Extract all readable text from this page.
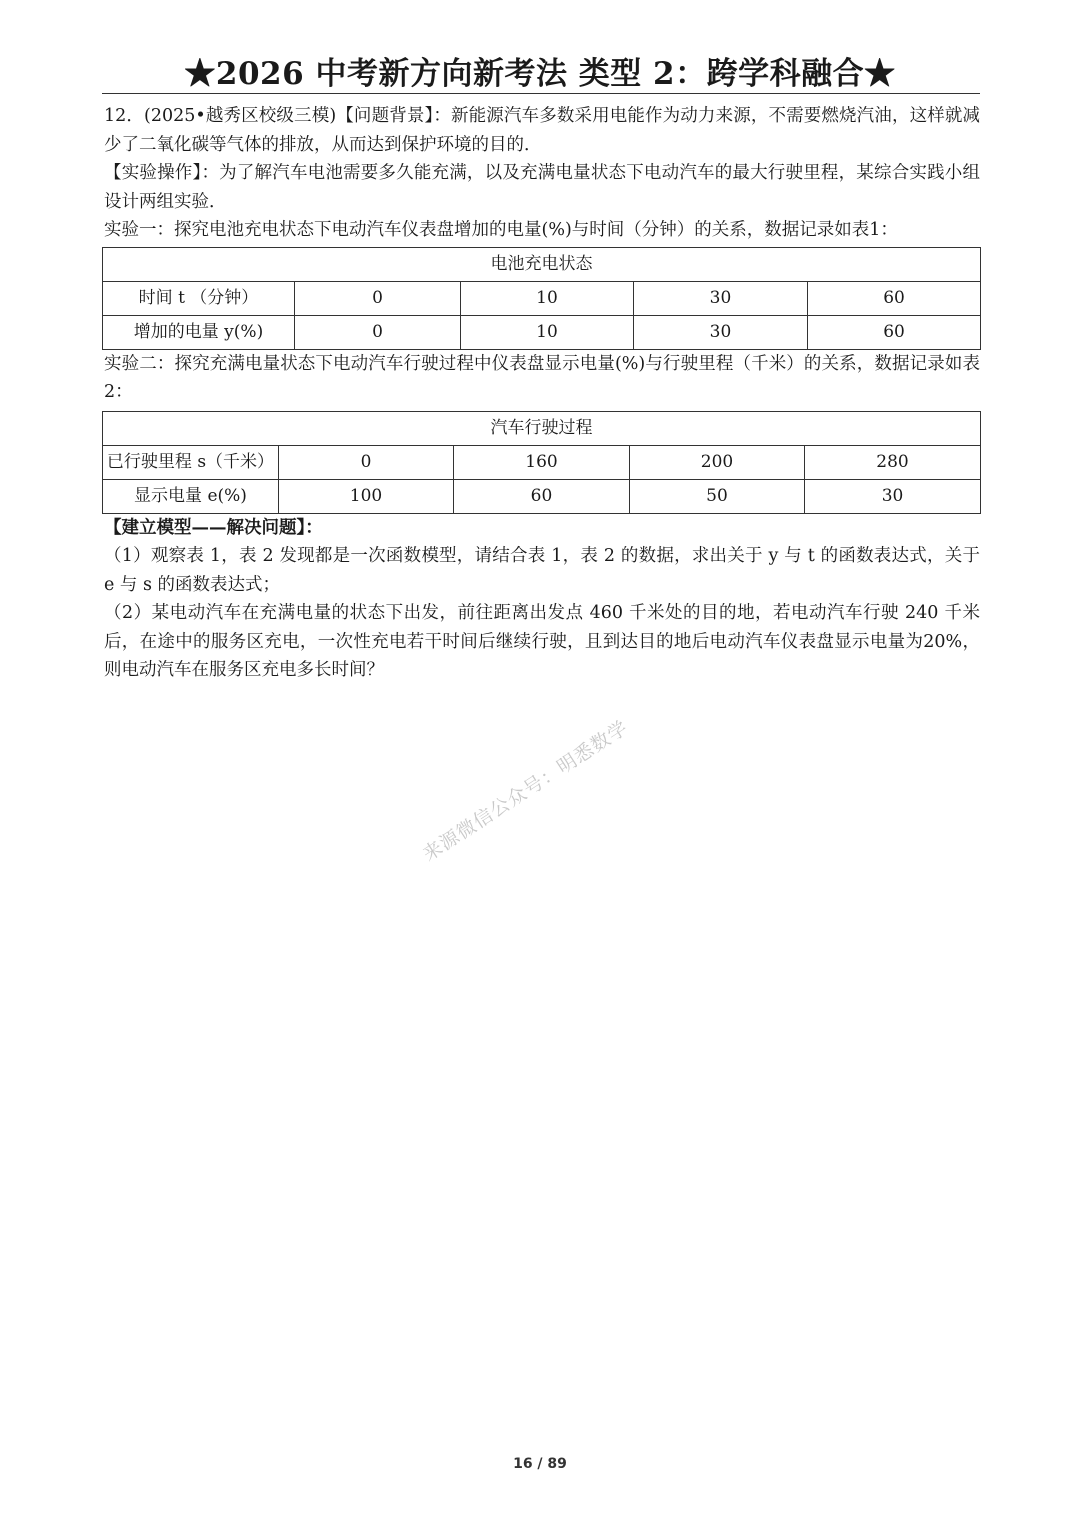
★2026 中考新方向新考法 类型 2：跨学科融合★

12．(2025•越秀区校级三模)【问题背景】：新能源汽车多数采用电能作为动力来源，不需要燃烧汽油，这样就减少了二氧化碳等气体的排放，从而达到保护环境的目的．

【实验操作】：为了解汽车电池需要多久能充满，以及充满电量状态下电动汽车的最大行驶里程，某综合实践小组设计两组实验．

实验一：探究电池充电状态下电动汽车仪表盘增加的电量(%)与时间（分钟）的关系，数据记录如表1：

电池充电状态				
时间 t （分钟）	0	10	30	60
增加的电量 y(%)	0	10	30	60

实验二：探究充满电量状态下电动汽车行驶过程中仪表盘显示电量(%)与行驶里程（千米）的关系，数据记录如表2：

汽车行驶过程				
已行驶里程 s（千米）	0	160	200	280
显示电量 e(%)	100	60	50	30

【建立模型——解决问题】：

（1）观察表 1，表 2 发现都是一次函数模型，请结合表 1，表 2 的数据，求出关于 y 与 t 的函数表达式，关于 e 与 s 的函数表达式；

（2）某电动汽车在充满电量的状态下出发，前往距离出发点 460 千米处的目的地，若电动汽车行驶 240 千米后，在途中的服务区充电，一次性充电若干时间后继续行驶，且到达目的地后电动汽车仪表盘显示电量为20%，则电动汽车在服务区充电多长时间？

来源微信公众号：明悉数学
16 / 89
